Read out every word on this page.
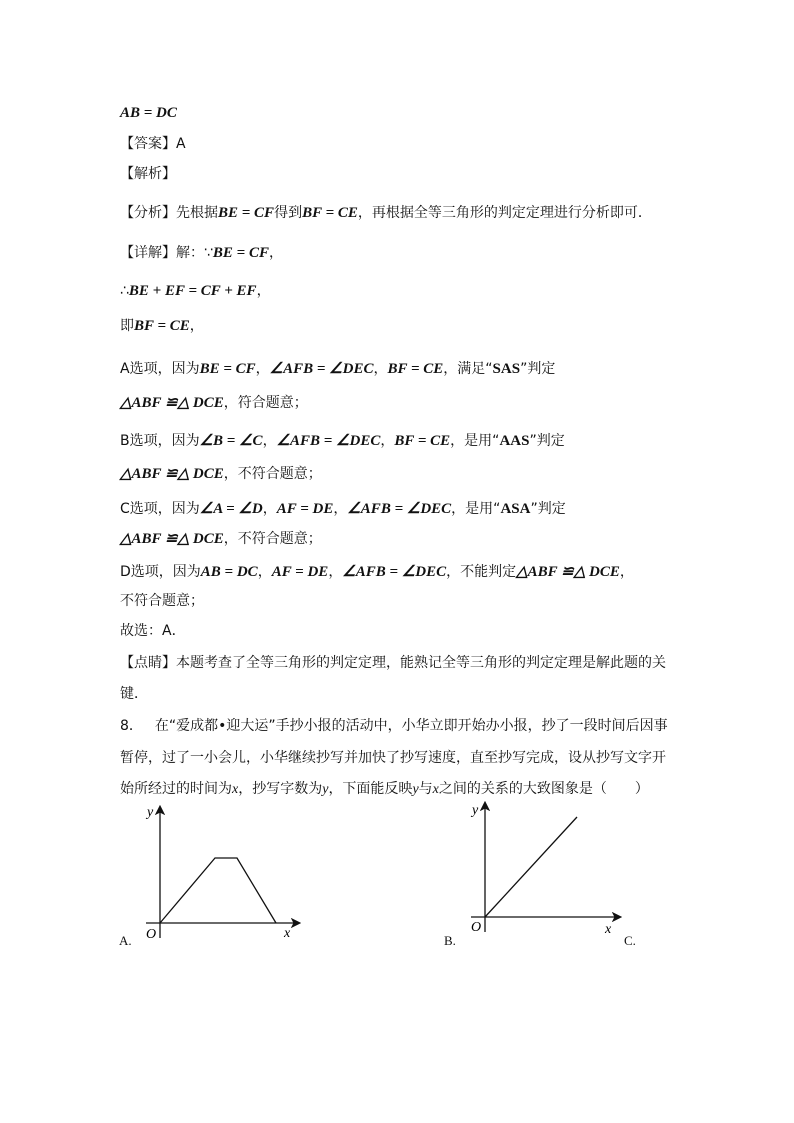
AB = DC
【答案】A
【解析】
【分析】先根据BE = CF得到BF = CE，再根据全等三角形的判定定理进行分析即可．
【详解】解：∵BE = CF，
∴BE + EF = CF + EF，
即BF = CE，
A选项，因为BE = CF，∠AFB = ∠DEC，BF = CE，满足“SAS”判定
△ABF ≌△ DCE，符合题意；
B选项，因为∠B = ∠C，∠AFB = ∠DEC，BF = CE，是用“AAS”判定
△ABF ≌△ DCE，不符合题意；
C选项，因为∠A = ∠D，AF = DE，∠AFB = ∠DEC，是用“ASA”判定
△ABF ≌△ DCE，不符合题意；
D选项，因为AB = DC，AF = DE，∠AFB = ∠DEC，不能判定△ABF ≌△ DCE，
不符合题意；
故选：A．
【点睛】本题考查了全等三角形的判定定理，能熟记全等三角形的判定定理是解此题的关
键．
8． 在“爱成都•迎大运”手抄小报的活动中，小华立即开始办小报，抄了一段时间后因事
暂停，过了一小会儿，小华继续抄写并加快了抄写速度，直至抄写完成，设从抄写文字开
始所经过的时间为x，抄写字数为y，下面能反映y与x之间的关系的大致图象是（　　）
y
x
O
A.
y
x
O
B.	C.
